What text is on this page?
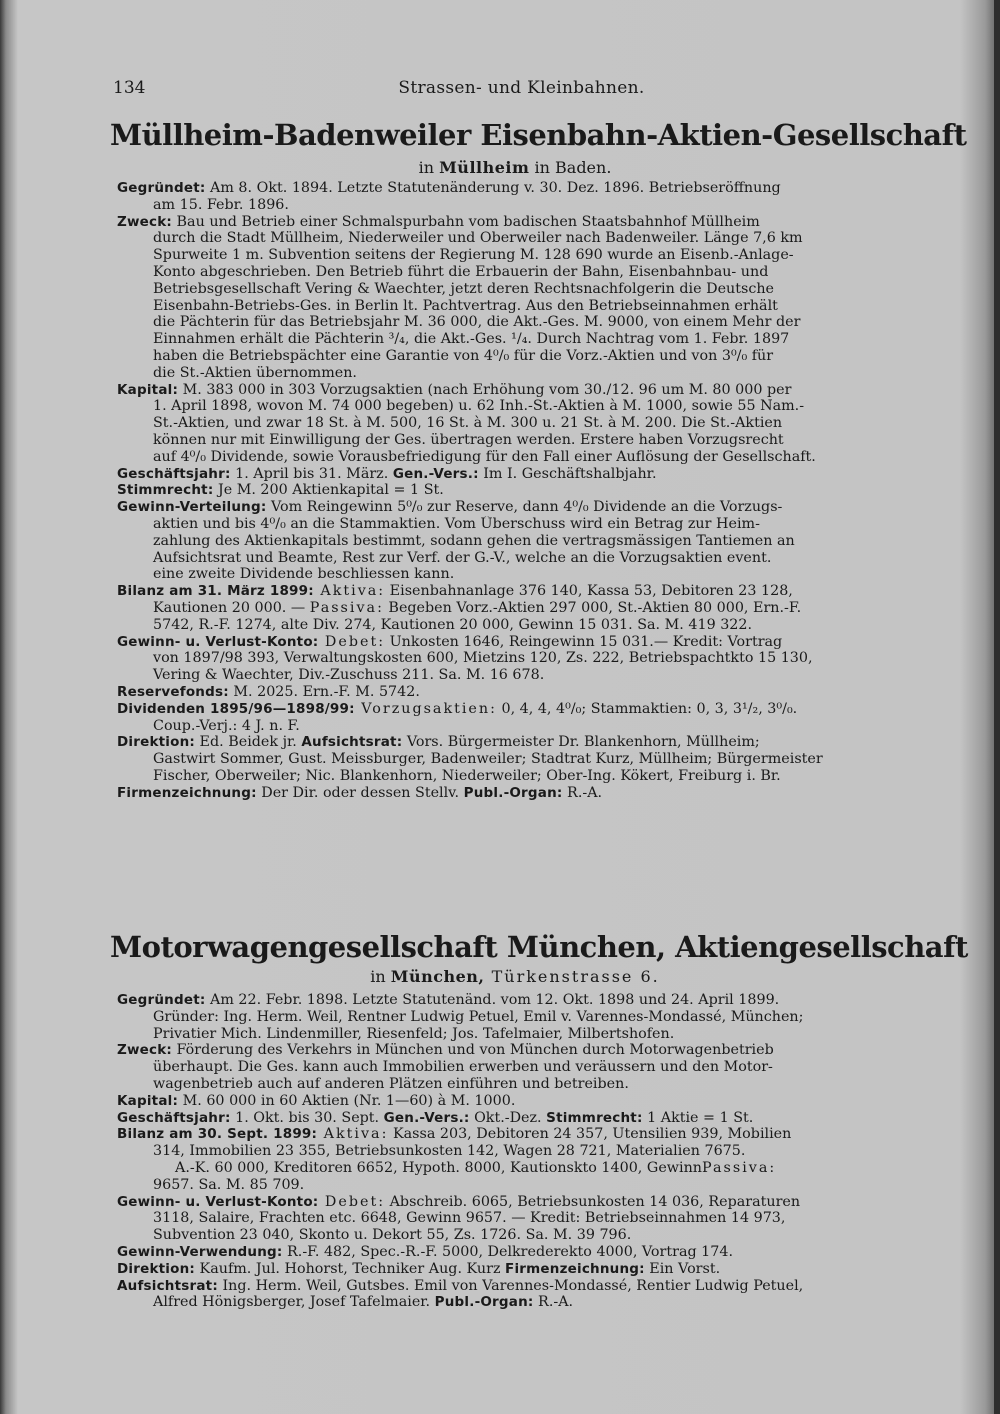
134	Strassen- und Kleinbahnen.
Müllheim-Badenweiler Eisenbahn-Aktien-Gesellschaft
in Müllheim in Baden.
Gegründet: Am 8. Okt. 1894. Letzte Statutenänderung v. 30. Dez. 1896. Betriebseröffnung
am 15. Febr. 1896.
Zweck: Bau und Betrieb einer Schmalspurbahn vom badischen Staatsbahnhof Müllheim
durch die Stadt Müllheim, Niederweiler und Oberweiler nach Badenweiler. Länge 7,6 km
Spurweite 1 m. Subvention seitens der Regierung M. 128 690 wurde an Eisenb.-Anlage-
Konto abgeschrieben. Den Betrieb führt die Erbauerin der Bahn, Eisenbahnbau- und
Betriebsgesellschaft Vering & Waechter, jetzt deren Rechtsnachfolgerin die Deutsche
Eisenbahn-Betriebs-Ges. in Berlin lt. Pachtvertrag. Aus den Betriebseinnahmen erhält
die Pächterin für das Betriebsjahr M. 36 000, die Akt.-Ges. M. 9000, von einem Mehr der
Einnahmen erhält die Pächterin ³/₄, die Akt.-Ges. ¹/₄. Durch Nachtrag vom 1. Febr. 1897
haben die Betriebspächter eine Garantie von 4⁰/₀ für die Vorz.-Aktien und von 3⁰/₀ für
die St.-Aktien übernommen.
Kapital: M. 383 000 in 303 Vorzugsaktien (nach Erhöhung vom 30./12. 96 um M. 80 000 per
1. April 1898, wovon M. 74 000 begeben) u. 62 Inh.-St.-Aktien à M. 1000, sowie 55 Nam.-
St.-Aktien, und zwar 18 St. à M. 500, 16 St. à M. 300 u. 21 St. à M. 200. Die St.-Aktien
können nur mit Einwilligung der Ges. übertragen werden. Erstere haben Vorzugsrecht
auf 4⁰/₀ Dividende, sowie Vorausbefriedigung für den Fall einer Auflösung der Gesellschaft.
Geschäftsjahr: 1. April bis 31. März. Gen.-Vers.: Im I. Geschäftshalbjahr.
Stimmrecht: Je M. 200 Aktienkapital = 1 St.
Gewinn-Verteilung: Vom Reingewinn 5⁰/₀ zur Reserve, dann 4⁰/₀ Dividende an die Vorzugs-
aktien und bis 4⁰/₀ an die Stammaktien. Vom Überschuss wird ein Betrag zur Heim-
zahlung des Aktienkapitals bestimmt, sodann gehen die vertragsmässigen Tantiemen an
Aufsichtsrat und Beamte, Rest zur Verf. der G.-V., welche an die Vorzugsaktien event.
eine zweite Dividende beschliessen kann.
Bilanz am 31. März 1899: Aktiva: Eisenbahnanlage 376 140, Kassa 53, Debitoren 23 128,
Kautionen 20 000. — Passiva: Begeben Vorz.-Aktien 297 000, St.-Aktien 80 000, Ern.-F.
5742, R.-F. 1274, alte Div. 274, Kautionen 20 000, Gewinn 15 031. Sa. M. 419 322.
Gewinn- u. Verlust-Konto: Debet: Unkosten 1646, Reingewinn 15 031.— Kredit: Vortrag
von 1897/98 393, Verwaltungskosten 600, Mietzins 120, Zs. 222, Betriebspachtkto 15 130,
Vering & Waechter, Div.-Zuschuss 211. Sa. M. 16 678.
Reservefonds: M. 2025. Ern.-F. M. 5742.
Dividenden 1895/96—1898/99: Vorzugsaktien: 0, 4, 4, 4⁰/₀; Stammaktien: 0, 3, 3¹/₂, 3⁰/₀.
Coup.-Verj.: 4 J. n. F.
Direktion: Ed. Beidek jr. Aufsichtsrat: Vors. Bürgermeister Dr. Blankenhorn, Müllheim;
Gastwirt Sommer, Gust. Meissburger, Badenweiler; Stadtrat Kurz, Müllheim; Bürgermeister
Fischer, Oberweiler; Nic. Blankenhorn, Niederweiler; Ober-Ing. Kökert, Freiburg i. Br.
Firmenzeichnung: Der Dir. oder dessen Stellv. Publ.-Organ: R.-A.
Motorwagengesellschaft München, Aktiengesellschaft
in München, Türkenstrasse 6.
Gegründet: Am 22. Febr. 1898. Letzte Statutenänd. vom 12. Okt. 1898 und 24. April 1899.
Gründer: Ing. Herm. Weil, Rentner Ludwig Petuel, Emil v. Varennes-Mondassé, München;
Privatier Mich. Lindenmiller, Riesenfeld; Jos. Tafelmaier, Milbertshofen.
Zweck: Förderung des Verkehrs in München und von München durch Motorwagenbetrieb
überhaupt. Die Ges. kann auch Immobilien erwerben und veräussern und den Motor-
wagenbetrieb auch auf anderen Plätzen einführen und betreiben.
Kapital: M. 60 000 in 60 Aktien (Nr. 1—60) à M. 1000.
Geschäftsjahr: 1. Okt. bis 30. Sept. Gen.-Vers.: Okt.-Dez. Stimmrecht: 1 Aktie = 1 St.
Bilanz am 30. Sept. 1899: Aktiva: Kassa 203, Debitoren 24 357, Utensilien 939, Mobilien
314, Immobilien 23 355, Betriebsunkosten 142, Wagen 28 721, Materialien 7675.
A.-K. 60 000, Kreditoren 6652, Hypoth. 8000, Kautionskto 1400, GewinnPassiva:
9657. Sa. M. 85 709.
Gewinn- u. Verlust-Konto: Debet: Abschreib. 6065, Betriebsunkosten 14 036, Reparaturen
3118, Salaire, Frachten etc. 6648, Gewinn 9657. — Kredit: Betriebseinnahmen 14 973,
Subvention 23 040, Skonto u. Dekort 55, Zs. 1726. Sa. M. 39 796.
Gewinn-Verwendung: R.-F. 482, Spec.-R.-F. 5000, Delkrederekto 4000, Vortrag 174.
Direktion: Kaufm. Jul. Hohorst, Techniker Aug. Kurz Firmenzeichnung: Ein Vorst.
Aufsichtsrat: Ing. Herm. Weil, Gutsbes. Emil von Varennes-Mondassé, Rentier Ludwig Petuel,
Alfred Hönigsberger, Josef Tafelmaier. Publ.-Organ: R.-A.
